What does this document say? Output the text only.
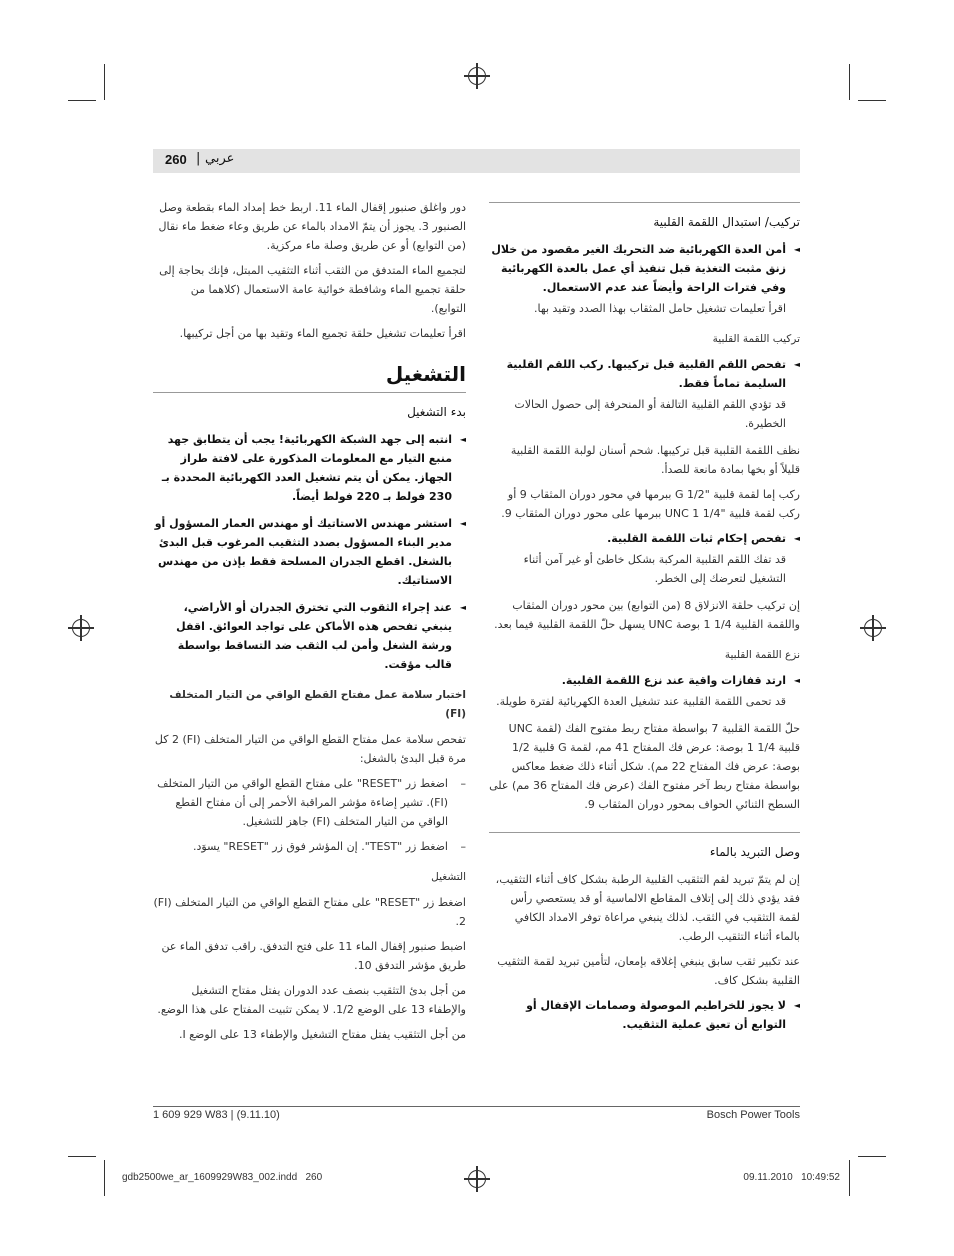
260 | عربي
تركيب/ استبدال اللقمة القلبية
◄ أمن العدة الكهربائية ضد التحريك الغير مقصود من خلال زنق مثبت التغذية قبل تنفيذ أي عمل بالعدة الكهربائية وفي فترات الراحة وأيضاً عند عدم الاستعمال.
اقرأ تعليمات تشغيل حامل المثقاب بهذا الصدد وتقيد بها.
تركيب اللقمة القلبية
◄ تفحص اللقم القلبية قبل تركيبها. ركب اللقم القلبية السليمة تماماً فقط.
قد تؤدي اللقم القلبية التالفة أو المنحرفة إلى حصول الحالات الخطيرة.

نظف اللقمة القلبية قبل تركيبها. شحم أسنان لولبة اللقمة القلبية قليلاً أو بخها بمادة مانعة للصدأ.

ركب إما لقمة قلبية "G 1/2 ببرمها في محور دوران المثقاب 9 أو ركب لقمة قلبية "UNC 1 1/4 ببرمها على محور دوران المثقاب 9.

◄ تفحص إحكام ثبات اللقمة القلبية.
قد تفك اللقم القلبية المركبة بشكل خاطئ أو غير آمن أثناء التشغيل لتعرضك إلى الخطر.

إن تركيب حلقة الانزلاق 8 (من التوابع) بين محور دوران المثقاب واللقمة القلبية 1/4 1 بوصة UNC يسهل حلّ اللقمة القلبية فيما بعد.

نزع اللقمة القلبية
◄ ارتد قفازات واقية عند نزع اللقمة القلبية.
قد تحمى اللقمة القلبية عند تشغيل العدة الكهربائية لفترة طويلة.

حلّ اللقمة القلبية 7 بواسطة مفتاح ربط مفتوح الفك (لقمة UNC قلبية 1/4 1 بوصة: عرض فك المفتاح 41 مم، لقمة G قلبية 1/2 بوصة: عرض فك المفتاح 22 مم). شكل أثناء ذلك ضغط معاكس بواسطة مفتاح ربط آخر مفتوح الفك (عرض فك المفتاح 36 مم) على السطح الثنائي الحواف بمحور دوران المثقاب 9.

وصل التبريد بالماء

إن لم يتمّ تبريد لقم التثقيب القلبية الرطبة بشكل كاف أثناء التثقيب، فقد يؤدي ذلك إلى إتلاف المقاطع الالماسية أو قد يستعصي رأس لقمة التثقيب في الثقب. لذلك ينبغي مراعاة توفر الامداد الكافي بالماء أثناء التثقيب الرطب.

عند تكبير ثقب سابق ينبغي إغلاقه بإمعان، لتأمين تبريد لقمة التثقيب القلبية بشكل كاف.

◄ لا يجوز للخراطيم الموصولة وصمامات الإقفال أو التوابع أن تعيق عملية التثقيب.

دور واغلق صنبور إقفال الماء 11. اربط خط إمداد الماء بقطعة وصل الصنبور 3. يجوز أن يتمّ الامداد بالماء عن طريق وعاء ضغط ماء نقال (من التوابع) أو عن طريق وصلة ماء مركزية.

لتجميع الماء المتدفق من الثقب أثناء التثقيب المبتل، فإنك بحاجة إلى حلقة تجميع الماء وشافطة خوائية عامة الاستعمال (كلاهما من التوابع).

اقرأ تعليمات تشغيل حلقة تجميع الماء وتقيد بها من أجل تركيبها.

التشغيل
بدء التشغيل
◄ انتبه إلى جهد الشبكة الكهربائية! يجب أن يتطابق جهد منبع التيار مع المعلومات المذكورة على لافتة طراز الجهاز. يمكن أن يتم تشغيل العدد الكهربائية المحددة بـ 230 فولط بـ 220 فولط أيضاً.
◄ استشر مهندس الاستاتيك أو مهندس العمار المسؤول أو مدير البناء المسؤول بصدد التثقيب المرغوب قبل البدئ بالشغل. اقطع الجدران المسلحة فقط بإذن من مهندس الاستاتيك.
◄ عند إجراء الثقوب التي تخترق الجدران أو الأراضي، ينبغي تفحص هذه الأماكن على تواجد العوائق. اقفل ورشة الشغل وأمن لب الثقب ضد التساقط بواسطة قالب مؤقت.
اختبار سلامة عمل مفتاح القطع الواقي من التيار المتخلف (FI)

تفحص سلامة عمل مفتاح القطع الواقي من التيار المتخلف (FI) 2 كل مرة قبل البدئ بالشغل:

– اضغط زر "RESET" على مفتاح القطع الواقي من التيار المتخلف (FI). تشير إضاءة مؤشر المراقبة الأحمر إلى أن مفتاح القطع الواقي من التيار المتخلف (FI) جاهز للتشغيل.
– اضغط زر "TEST". إن المؤشر فوق زر "RESET" يسوَد.
التشغيل

اضغط زر "RESET" على مفتاح القطع الواقي من التيار المتخلف (FI) 2.

اضبط صنبور إقفال الماء 11 على فتح التدفق. راقب تدفق الماء عن طريق مؤشر التدفق 10.

من أجل بدئ التثقيب بنصف عدد الدوران يفتل مفتاح التشغيل والإطفاء 13 على الوضع 1/2. لا يمكن تثبيت المفتاح على هذا الوضع.

من أجل التثقيب يفتل مفتاح التشغيل والإطفاء 13 على الوضع I.

1 609 929 W83 | (9.11.10)	Bosch Power Tools
gdb2500we_ar_1609929W83_002.indd   260	09.11.2010   10:49:52
